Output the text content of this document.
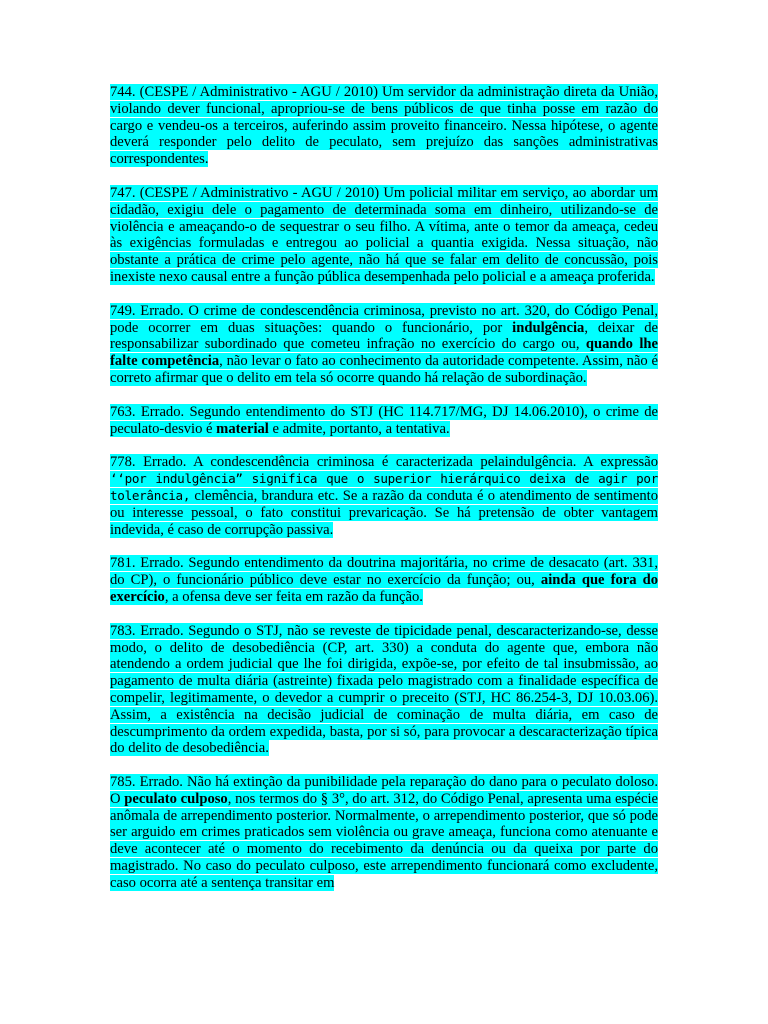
744. (CESPE / Administrativo - AGU / 2010) Um servidor da administração direta da União, violando dever funcional, apropriou-se de bens públicos de que tinha posse em razão do cargo e vendeu-os a terceiros, auferindo assim proveito financeiro. Nessa hipótese, o agente deverá responder pelo delito de peculato, sem prejuízo das sanções administrativas correspondentes.

747. (CESPE / Administrativo - AGU / 2010) Um policial militar em serviço, ao abordar um cidadão, exigiu dele o pagamento de determinada soma em dinheiro, utilizando-se de violência e ameaçando-o de sequestrar o seu filho. A vítima, ante o temor da ameaça, cedeu às exigências formuladas e entregou ao policial a quantia exigida. Nessa situação, não obstante a prática de crime pelo agente, não há que se falar em delito de concussão, pois inexiste nexo causal entre a função pública desempenhada pelo policial e a ameaça proferida.

749. Errado. O crime de condescendência criminosa, previsto no art. 320, do Código Penal, pode ocorrer em duas situações: quando o funcionário, por indulgência, deixar de responsabilizar subordinado que cometeu infração no exercício do cargo ou, quando lhe falte competência, não levar o fato ao conhecimento da autoridade competente. Assim, não é correto afirmar que o delito em tela só ocorre quando há relação de subordinação.

763. Errado. Segundo entendimento do STJ (HC 114.717/MG, DJ 14.06.2010), o crime de peculato-desvio é material e admite, portanto, a tentativa.

778. Errado. A condescendência criminosa é caracterizada pelaindulgência. A expressão ‘‘por indulgência” significa que o superior hierárquico deixa de agir por tolerância, clemência, brandura etc. Se a razão da conduta é o atendimento de sentimento ou interesse pessoal, o fato constitui prevaricação. Se há pretensão de obter vantagem indevida, é caso de corrupção passiva.

781. Errado. Segundo entendimento da doutrina majoritária, no crime de desacato (art. 331, do CP), o funcionário público deve estar no exercício da função; ou, ainda que fora do exercício, a ofensa deve ser feita em razão da função.

783. Errado. Segundo o STJ, não se reveste de tipicidade penal, descaracterizando-se, desse modo, o delito de desobediência (CP, art. 330) a conduta do agente que, embora não atendendo a ordem judicial que lhe foi dirigida, expõe-se, por efeito de tal insubmissão, ao pagamento de multa diária (astreinte) fixada pelo magistrado com a finalidade específica de compelir, legitimamente, o devedor a cumprir o preceito (STJ, HC 86.254-3, DJ 10.03.06). Assim, a existência na decisão judicial de cominação de multa diária, em caso de descumprimento da ordem expedida, basta, por si só, para provocar a descaracterização típica do delito de desobediência.

785. Errado. Não há extinção da punibilidade pela reparação do dano para o peculato doloso. O peculato culposo, nos termos do § 3°, do art. 312, do Código Penal, apresenta uma espécie anômala de arrependimento posterior. Normalmente, o arrependimento posterior, que só pode ser arguido em crimes praticados sem violência ou grave ameaça, funciona como atenuante e deve acontecer até o momento do recebimento da denúncia ou da queixa por parte do magistrado. No caso do peculato culposo, este arrependimento funcionará como excludente, caso ocorra até a sentença transitar em
